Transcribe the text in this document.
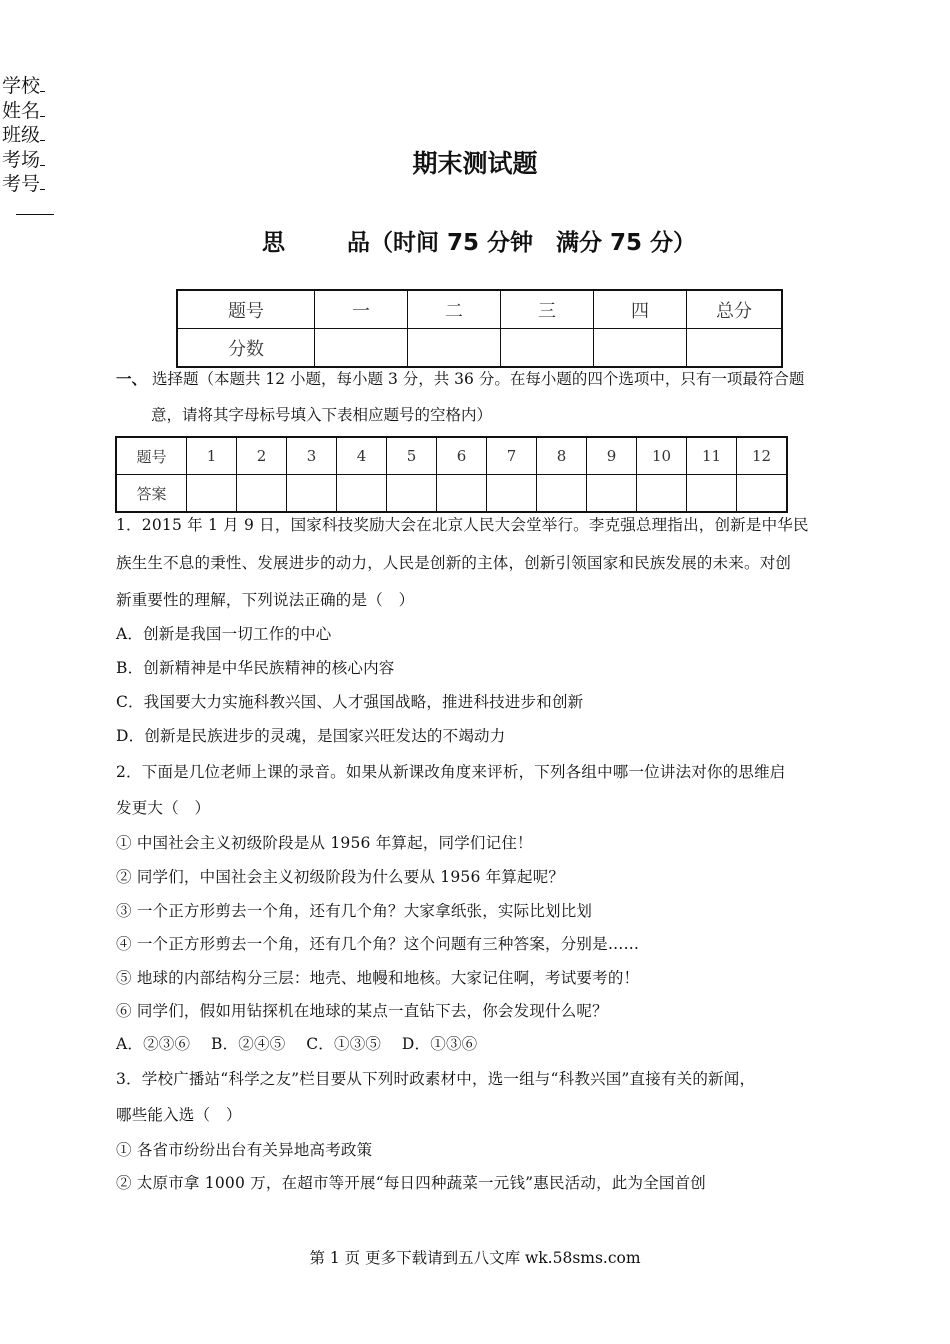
学校
姓名
班级
考场
考号
期末测试题
思	品（时间 75 分钟　满分 75 分）
题号	一	二	三	四	总分
分数					
一、 选择题（本题共 12 小题，每小题 3 分，共 36 分。在每小题的四个选项中，只有一项最符合题
意，请将其字母标号填入下表相应题号的空格内）
题号	1	2	3	4	5	6	7	8	9	10	11	12
答案												
1．2015 年 1 月 9 日，国家科技奖励大会在北京人民大会堂举行。李克强总理指出，创新是中华民
族生生不息的秉性、发展进步的动力，人民是创新的主体，创新引领国家和民族发展的未来。对创
新重要性的理解，下列说法正确的是（　）
A．创新是我国一切工作的中心
B．创新精神是中华民族精神的核心内容
C．我国要大力实施科教兴国、人才强国战略，推进科技进步和创新
D．创新是民族进步的灵魂，是国家兴旺发达的不竭动力
2．下面是几位老师上课的录音。如果从新课改角度来评析，下列各组中哪一位讲法对你的思维启
发更大（　）
① 中国社会主义初级阶段是从 1956 年算起，同学们记住！
② 同学们，中国社会主义初级阶段为什么要从 1956 年算起呢？
③ 一个正方形剪去一个角，还有几个角？大家拿纸张，实际比划比划
④ 一个正方形剪去一个角，还有几个角？这个问题有三种答案，分别是……
⑤ 地球的内部结构分三层：地壳、地幔和地核。大家记住啊，考试要考的！
⑥ 同学们，假如用钻探机在地球的某点一直钻下去，你会发现什么呢？
A．②③⑥　 B．②④⑤　 C．①③⑤　 D．①③⑥
3．学校广播站“科学之友”栏目要从下列时政素材中，选一组与“科教兴国”直接有关的新闻，
哪些能入选（　）
① 各省市纷纷出台有关异地高考政策
② 太原市拿 1000 万，在超市等开展“每日四种蔬菜一元钱”惠民活动，此为全国首创
第 1 页 更多下载请到五八文库 wk.58sms.com
